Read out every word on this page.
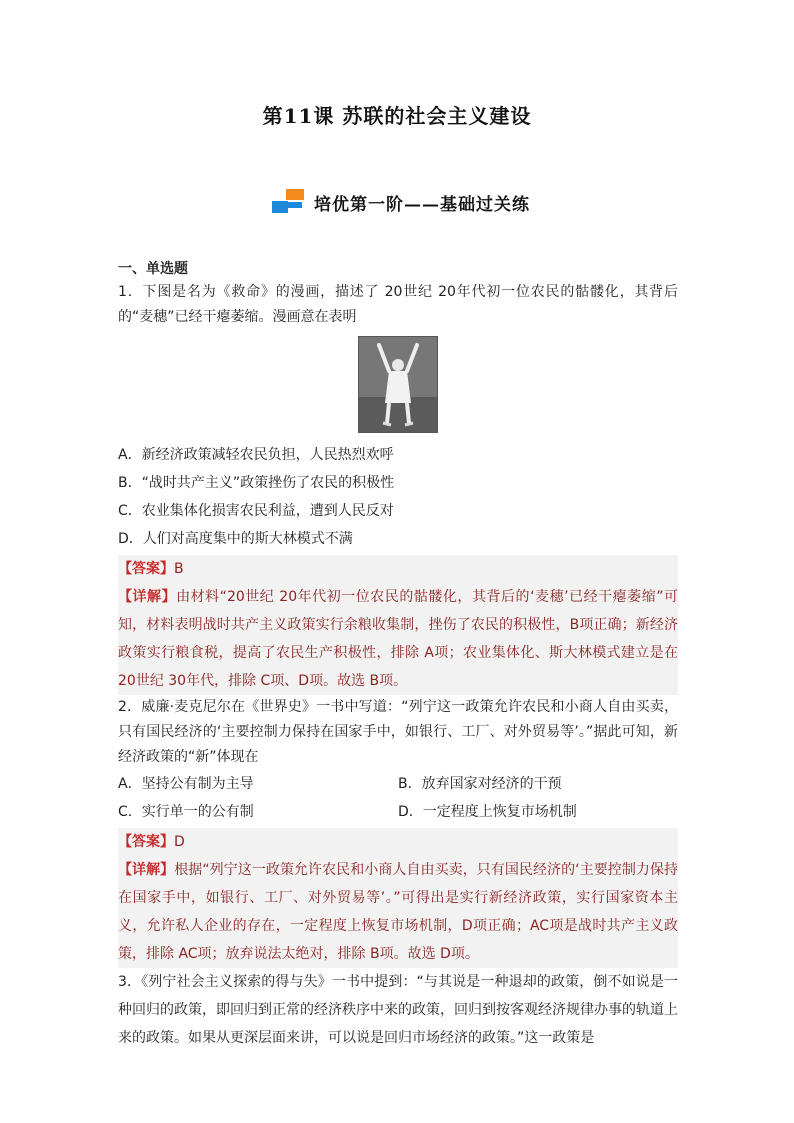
第11课 苏联的社会主义建设
培优第一阶——基础过关练

一、单选题

1．下图是名为《救命》的漫画，描述了 20世纪 20年代初一位农民的骷髅化，其背后的“麦穗”已经干瘪萎缩。漫画意在表明

A．新经济政策减轻农民负担，人民热烈欢呼

B．“战时共产主义”政策挫伤了农民的积极性

C．农业集体化损害农民利益，遭到人民反对

D．人们对高度集中的斯大林模式不满

【答案】B

【详解】由材料“20世纪 20年代初一位农民的骷髅化，其背后的‘麦穗’已经干瘪萎缩”可知，材料表明战时共产主义政策实行余粮收集制，挫伤了农民的积极性，B项正确；新经济政策实行粮食税，提高了农民生产积极性，排除 A项；农业集体化、斯大林模式建立是在 20世纪 30年代，排除 C项、D项。故选 B项。

2．威廉·麦克尼尔在《世界史》一书中写道：“列宁这一政策允许农民和小商人自由买卖，只有国民经济的‘主要控制力保持在国家手中，如银行、工厂、对外贸易等’。”据此可知，新经济政策的“新”体现在

A．坚持公有制为主导	B．放弃国家对经济的干预
C．实行单一的公有制	D．一定程度上恢复市场机制

【答案】D

【详解】根据“列宁这一政策允许农民和小商人自由买卖，只有国民经济的‘主要控制力保持在国家手中，如银行、工厂、对外贸易等’。”可得出是实行新经济政策，实行国家资本主义，允许私人企业的存在，一定程度上恢复市场机制，D项正确；AC项是战时共产主义政策，排除 AC项；放弃说法太绝对，排除 B项。故选 D项。

3．《列宁社会主义探索的得与失》一书中提到：“与其说是一种退却的政策，倒不如说是一种回归的政策，即回归到正常的经济秩序中来的政策，回归到按客观经济规律办事的轨道上来的政策。如果从更深层面来讲，可以说是回归市场经济的政策。”这一政策是
